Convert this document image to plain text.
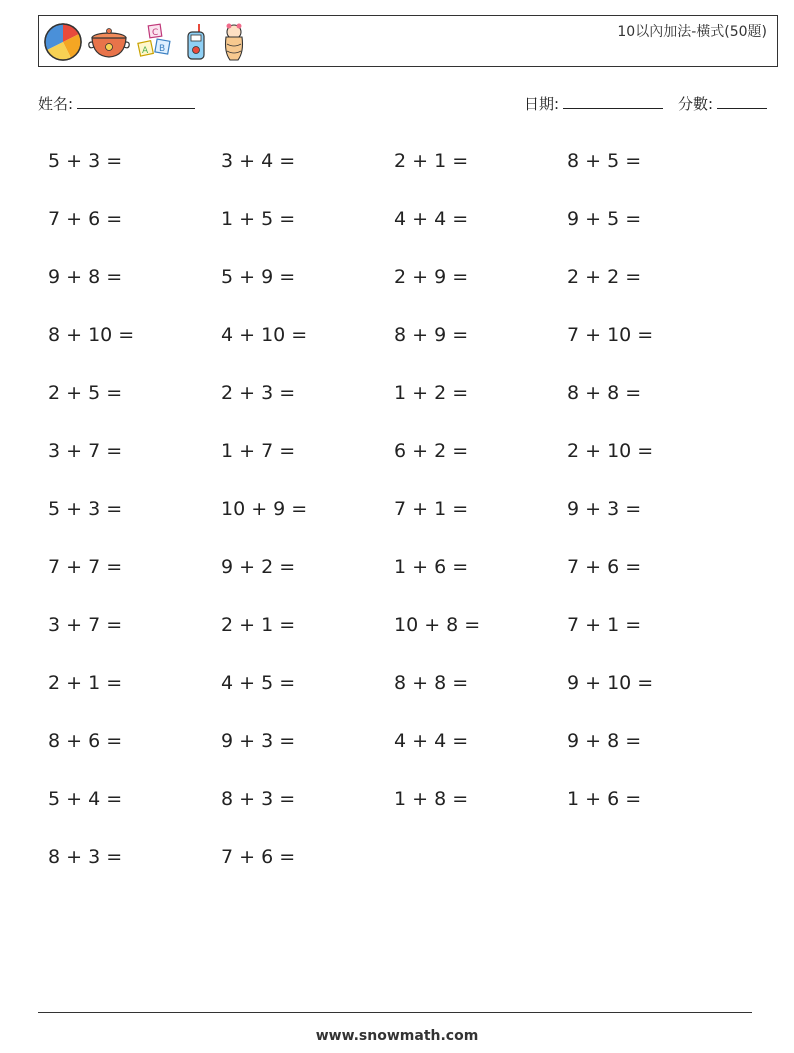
C
A B
10以內加法-橫式(50題)
姓名:	日期:	分數:
5 + 3 =	3 + 4 =	2 + 1 =	8 + 5 =
7 + 6 =	1 + 5 =	4 + 4 =	9 + 5 =
9 + 8 =	5 + 9 =	2 + 9 =	2 + 2 =
8 + 10 =	4 + 10 =	8 + 9 =	7 + 10 =
2 + 5 =	2 + 3 =	1 + 2 =	8 + 8 =
3 + 7 =	1 + 7 =	6 + 2 =	2 + 10 =
5 + 3 =	10 + 9 =	7 + 1 =	9 + 3 =
7 + 7 =	9 + 2 =	1 + 6 =	7 + 6 =
3 + 7 =	2 + 1 =	10 + 8 =	7 + 1 =
2 + 1 =	4 + 5 =	8 + 8 =	9 + 10 =
8 + 6 =	9 + 3 =	4 + 4 =	9 + 8 =
5 + 4 =	8 + 3 =	1 + 8 =	1 + 6 =
8 + 3 =	7 + 6 =
www.snowmath.com
